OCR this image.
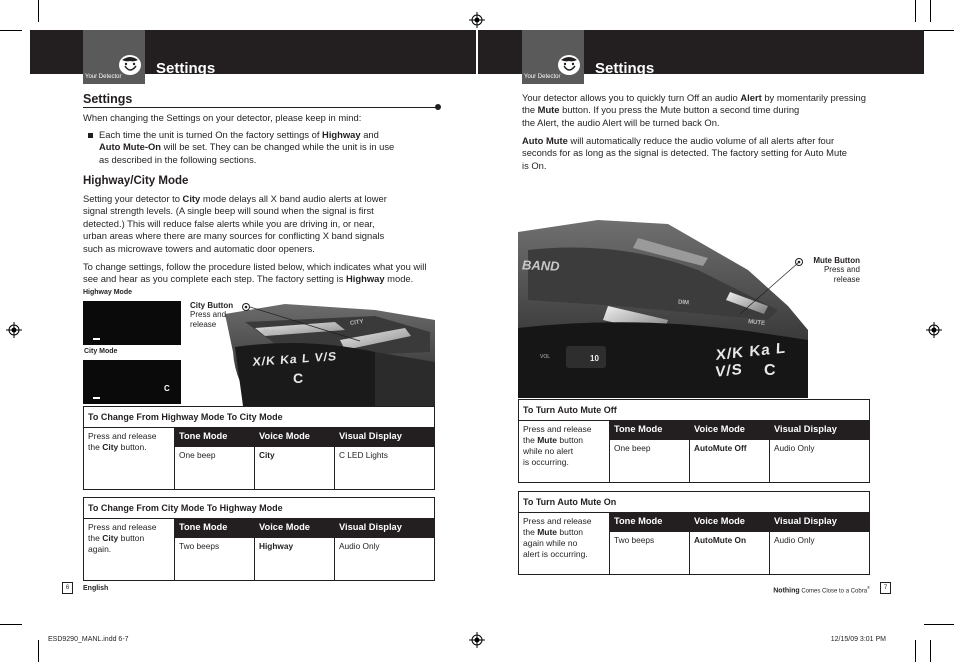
Your Detector Settings
Settings
When changing the Settings on your detector, please keep in mind:
Each time the unit is turned On the factory settings of Highway and
Auto Mute-On will be set. They can be changed while the unit is in use
as described in the following sections.
Highway/City Mode
Setting your detector to City mode delays all X band audio alerts at lower
signal strength levels. (A single beep will sound when the signal is first
detected.) This will reduce false alerts while you are driving in, or near,
urban areas where there are many sources for conflicting X band signals
such as microwave towers and automatic door openers.
To change settings, follow the procedure listed below, which indicates what you will
see and hear as you complete each step. The factory setting is Highway mode.
Highway Mode
City Mode
C
MUTE
CITY
X/K Ka L V/S
C
City Button
Press and
release
To Change From Highway Mode To City Mode
Press and release
the City button.
Tone Mode	Voice Mode	Visual Display
One beep	City	C LED Lights
To Change From City Mode To Highway Mode
Press and release
the City button
again.
Tone Mode	Voice Mode	Visual Display
Two beeps	Highway	Audio Only
6	English
Your Detector Settings
Your detector allows you to quickly turn Off an audio Alert by momentarily pressing
the Mute button. If you press the Mute button a second time during
the Alert, the audio Alert will be turned back On.
Auto Mute will automatically reduce the audio volume of all alerts after four
seconds for as long as the signal is detected. The factory setting for Auto Mute
is On.
BAND
DIM
MUTE
VOL	10	X/K Ka L V/S	C
Mute Button
Press and
release
To Turn Auto Mute Off
Press and release
the Mute button
while no alert
is occurring.
Tone Mode	Voice Mode	Visual Display
One beep	AutoMute Off	Audio Only
To Turn Auto Mute On
Press and release
the Mute button
again while no
alert is occurring.
Tone Mode	Voice Mode	Visual Display
Two beeps	AutoMute On	Audio Only
Nothing Comes Close to a Cobra®	7
ESD9290_MANL.indd 6-7	12/15/09 3:01 PM
